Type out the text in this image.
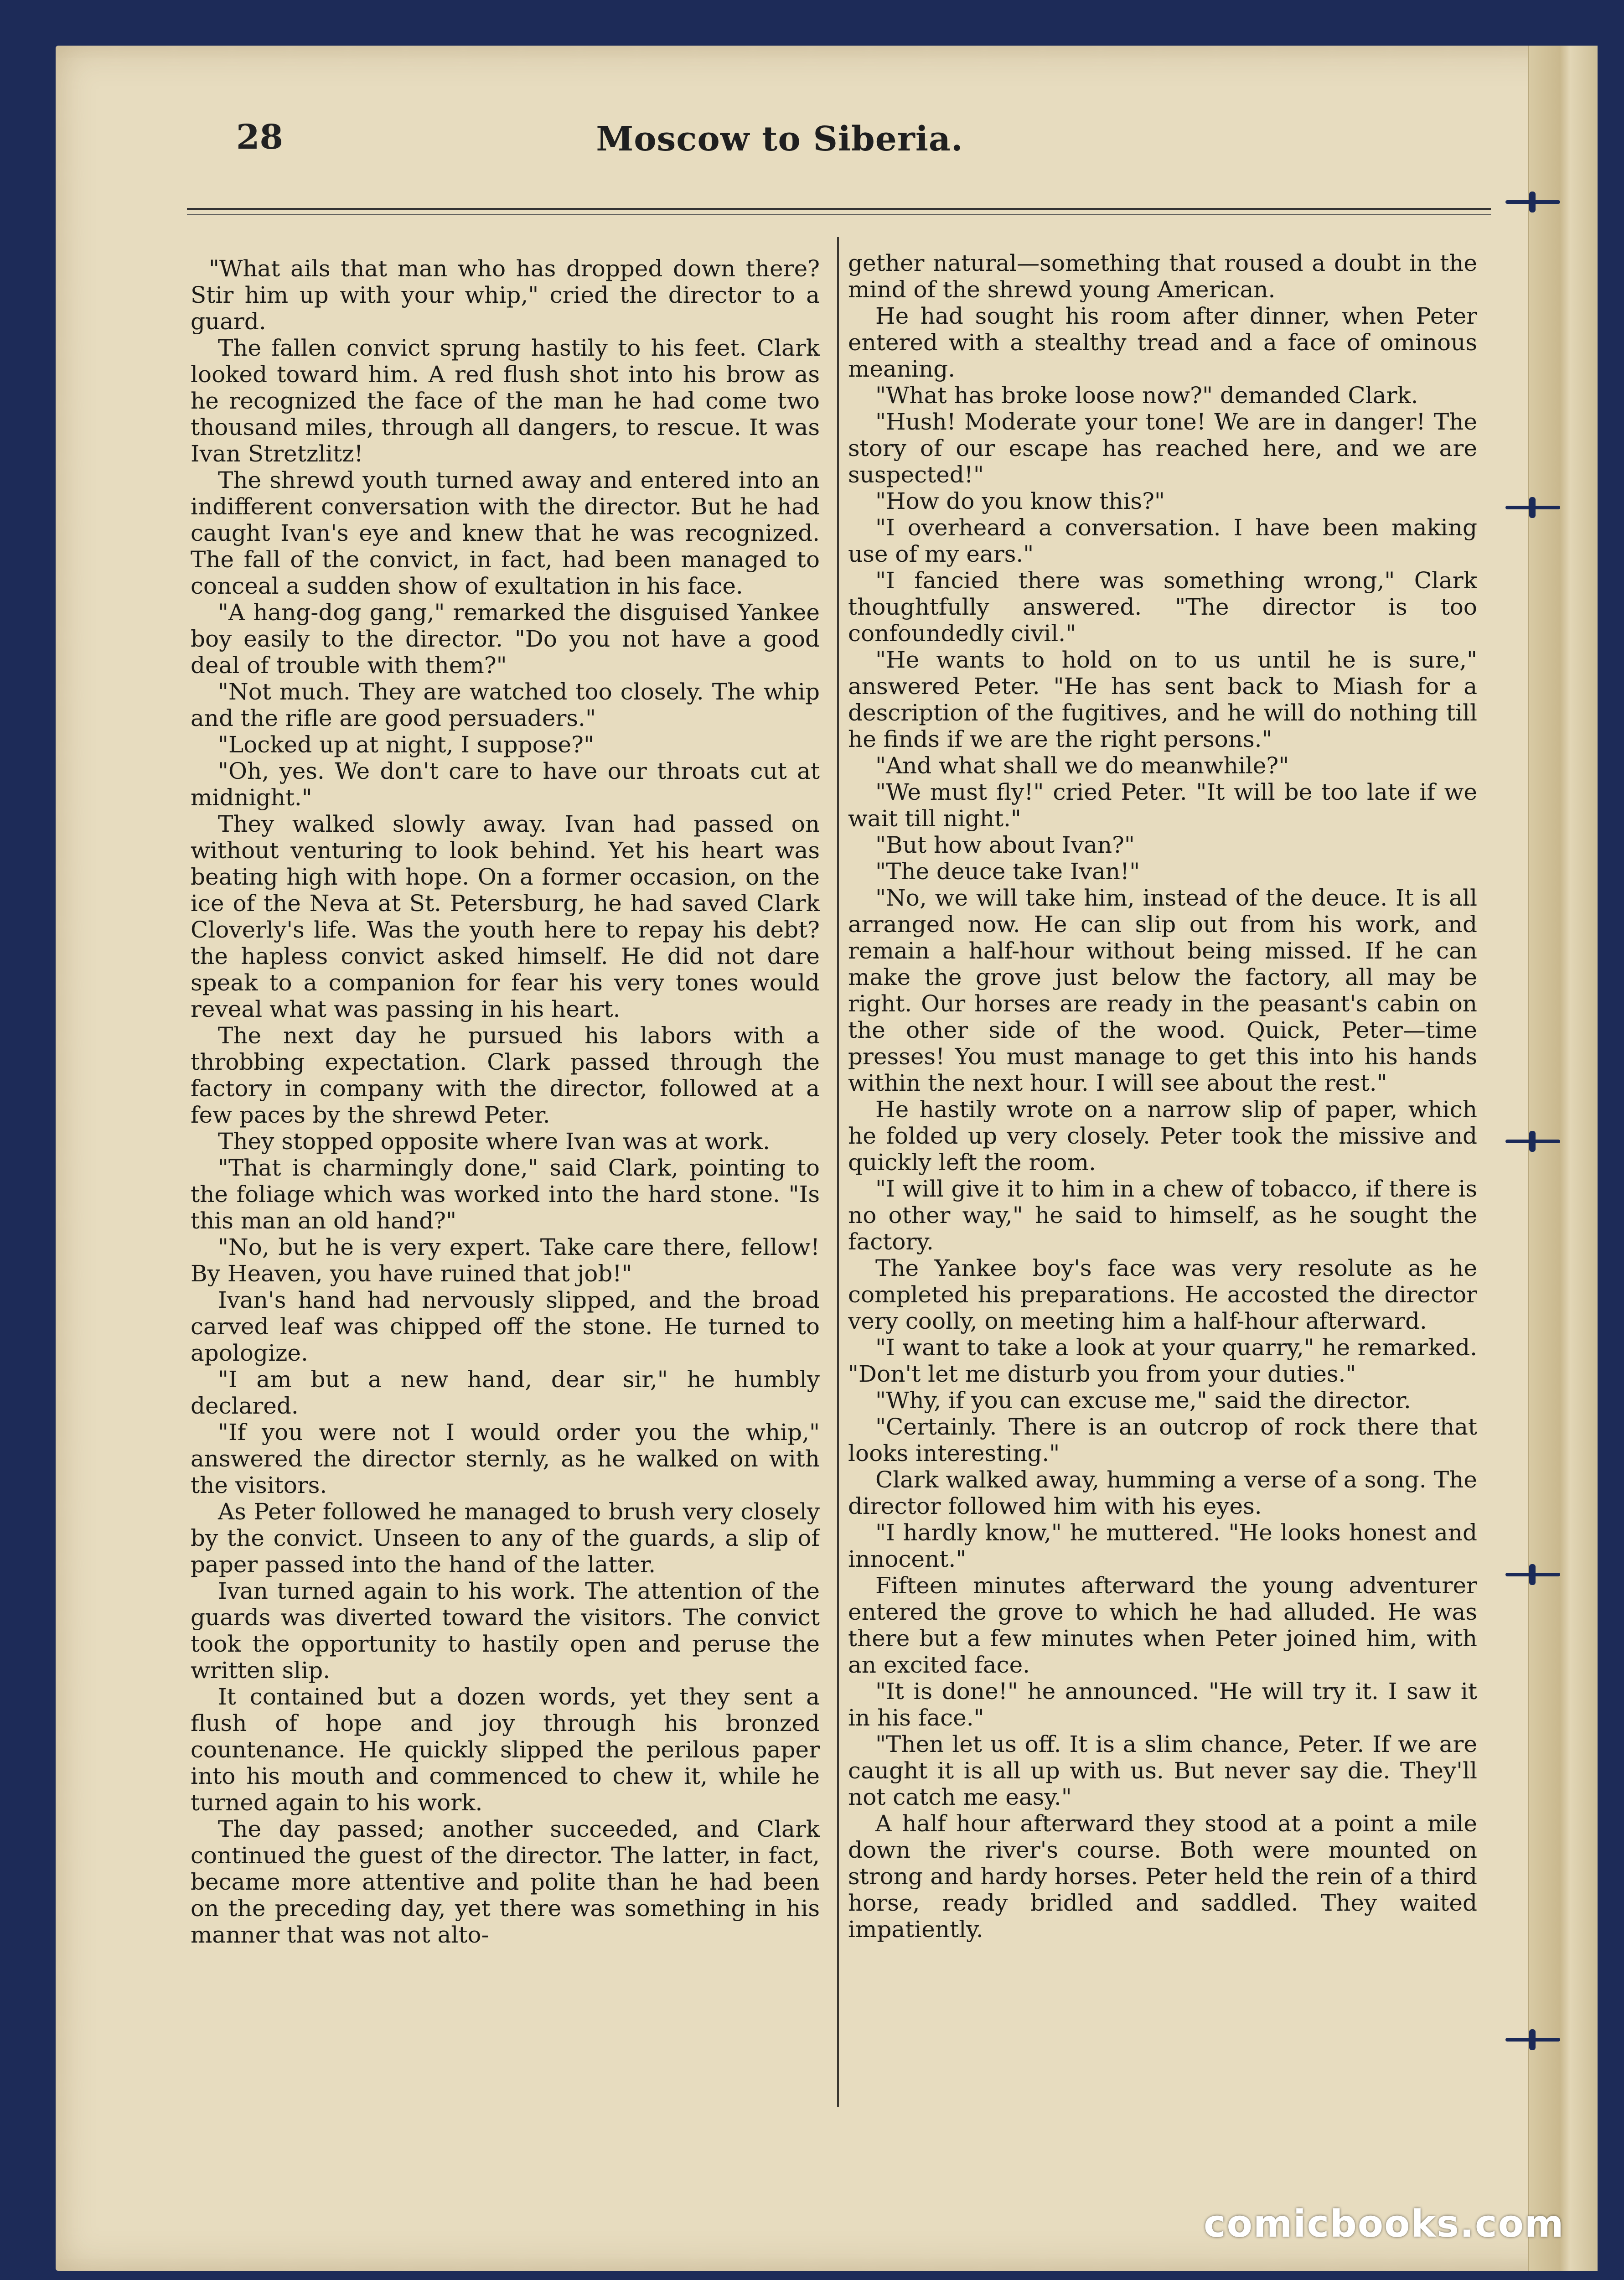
28	Moscow to Siberia.

"What ails that man who has dropped down there? Stir him up with your whip," cried the director to a guard.

The fallen convict sprung hastily to his feet. Clark looked toward him. A red flush shot into his brow as he recognized the face of the man he had come two thousand miles, through all dangers, to rescue. It was Ivan Stretzlitz!

The shrewd youth turned away and entered into an indifferent conversation with the director. But he had caught Ivan's eye and knew that he was recognized. The fall of the convict, in fact, had been managed to conceal a sudden show of exultation in his face.

"A hang-dog gang," remarked the disguised Yankee boy easily to the director. "Do you not have a good deal of trouble with them?"

"Not much. They are watched too closely. The whip and the rifle are good persuaders."

"Locked up at night, I suppose?"

"Oh, yes. We don't care to have our throats cut at midnight."

They walked slowly away. Ivan had passed on without venturing to look behind. Yet his heart was beating high with hope. On a former occasion, on the ice of the Neva at St. Petersburg, he had saved Clark Cloverly's life. Was the youth here to repay his debt? the hapless convict asked himself. He did not dare speak to a companion for fear his very tones would reveal what was passing in his heart.

The next day he pursued his labors with a throbbing expectation. Clark passed through the factory in company with the director, followed at a few paces by the shrewd Peter.

They stopped opposite where Ivan was at work.

"That is charmingly done," said Clark, pointing to the foliage which was worked into the hard stone. "Is this man an old hand?"

"No, but he is very expert. Take care there, fellow! By Heaven, you have ruined that job!"

Ivan's hand had nervously slipped, and the broad carved leaf was chipped off the stone. He turned to apologize.

"I am but a new hand, dear sir," he humbly declared.

"If you were not I would order you the whip," answered the director sternly, as he walked on with the visitors.

As Peter followed he managed to brush very closely by the convict. Unseen to any of the guards, a slip of paper passed into the hand of the latter.

Ivan turned again to his work. The attention of the guards was diverted toward the visitors. The convict took the opportunity to hastily open and peruse the written slip.

It contained but a dozen words, yet they sent a flush of hope and joy through his bronzed countenance. He quickly slipped the perilous paper into his mouth and commenced to chew it, while he turned again to his work.

The day passed; another succeeded, and Clark continued the guest of the director. The latter, in fact, became more attentive and polite than he had been on the preceding day, yet there was something in his manner that was not alto-

gether natural—something that roused a doubt in the mind of the shrewd young American.

He had sought his room after dinner, when Peter entered with a stealthy tread and a face of ominous meaning.

"What has broke loose now?" demanded Clark.

"Hush! Moderate your tone! We are in danger! The story of our escape has reached here, and we are suspected!"

"How do you know this?"

"I overheard a conversation. I have been making use of my ears."

"I fancied there was something wrong," Clark thoughtfully answered. "The director is too confoundedly civil."

"He wants to hold on to us until he is sure," answered Peter. "He has sent back to Miash for a description of the fugitives, and he will do nothing till he finds if we are the right persons."

"And what shall we do meanwhile?"

"We must fly!" cried Peter. "It will be too late if we wait till night."

"But how about Ivan?"

"The deuce take Ivan!"

"No, we will take him, instead of the deuce. It is all arranged now. He can slip out from his work, and remain a half-hour without being missed. If he can make the grove just below the factory, all may be right. Our horses are ready in the peasant's cabin on the other side of the wood. Quick, Peter—time presses! You must manage to get this into his hands within the next hour. I will see about the rest."

He hastily wrote on a narrow slip of paper, which he folded up very closely. Peter took the missive and quickly left the room.

"I will give it to him in a chew of tobacco, if there is no other way," he said to himself, as he sought the factory.

The Yankee boy's face was very resolute as he completed his preparations. He accosted the director very coolly, on meeting him a half-hour afterward.

"I want to take a look at your quarry," he remarked. "Don't let me disturb you from your duties."

"Why, if you can excuse me," said the director.

"Certainly. There is an outcrop of rock there that looks interesting."

Clark walked away, humming a verse of a song. The director followed him with his eyes.

"I hardly know," he muttered. "He looks honest and innocent."

Fifteen minutes afterward the young adventurer entered the grove to which he had alluded. He was there but a few minutes when Peter joined him, with an excited face.

"It is done!" he announced. "He will try it. I saw it in his face."

"Then let us off. It is a slim chance, Peter. If we are caught it is all up with us. But never say die. They'll not catch me easy."

A half hour afterward they stood at a point a mile down the river's course. Both were mounted on strong and hardy horses. Peter held the rein of a third horse, ready bridled and saddled. They waited impatiently.

comicbooks.com
